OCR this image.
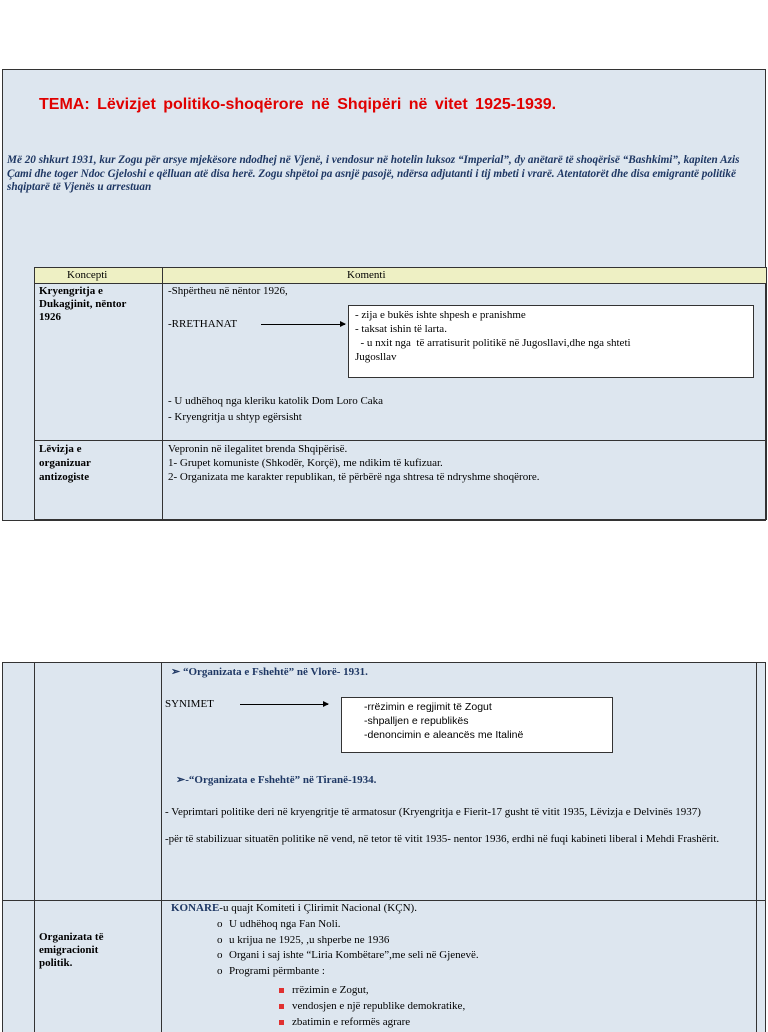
TEMA: Lëvizjet politiko-shoqërore në Shqipëri në vitet 1925-1939.
Më 20 shkurt 1931, kur Zogu për arsye mjekësore ndodhej në Vjenë, i vendosur në hotelin luksoz “Imperial”, dy anëtarë të shoqërisë “Bashkimi”, kapiten Azis Çami dhe toger Ndoc Gjeloshi e qëlluan atë disa herë. Zogu shpëtoi pa asnjë pasojë, ndërsa adjutanti i tij mbeti i vrarë. Atentatorët dhe disa emigrantë politikë shqiptarë të Vjenës u arrestuan
Koncepti	Komenti
Kryengritja e
Dukagjinit, nëntor
1926
-Shpërtheu në nëntor 1926,
-RRETHANAT
- zija e bukës ishte shpesh e pranishme
- taksat ishin të larta.
- u nxit nga  të arratisurit politikë në Jugosllavi,dhe nga shteti
Jugosllav
- U udhëhoq nga kleriku katolik Dom Loro Caka
- Kryengritja u shtyp egërsisht
Lëvizja e
organizuar
antizogiste
Vepronin në ilegalitet brenda Shqipërisë.
1- Grupet komuniste (Shkodër, Korçë), me ndikim të kufizuar.
2- Organizata me karakter republikan, të përbërë nga shtresa të ndryshme shoqërore.
➢ “Organizata e Fshehtë” në Vlorë- 1931.
SYNIMET	-rrëzimin e regjimit të Zogut
-shpalljen e republikës
-denoncimin e aleancës me Italinë
➢-“Organizata e Fshehtë” në Tiranë-1934.
- Veprimtari politike deri në kryengritje të armatosur (Kryengritja e Fierit-17 gusht të vitit 1935, Lëvizja e Delvinës 1937)
-për të stabilizuar situatën politike në vend, në tetor të vitit 1935- nentor 1936, erdhi në fuqi kabineti liberal i Mehdi Frashërit.
Organizata të
emigracionit
politik.
KONARE-u quajt Komiteti i Çlirimit Nacional (KÇN).
o U udhëhoq nga Fan Noli.
o u krijua ne 1925, ,u shperbe ne 1936
o Organi i saj ishte “Liria Kombëtare”,me seli në Gjenevë.
o Programi përmbante :
rrëzimin e Zogut,
vendosjen e një republike demokratike,
zbatimin e reformës agrare
